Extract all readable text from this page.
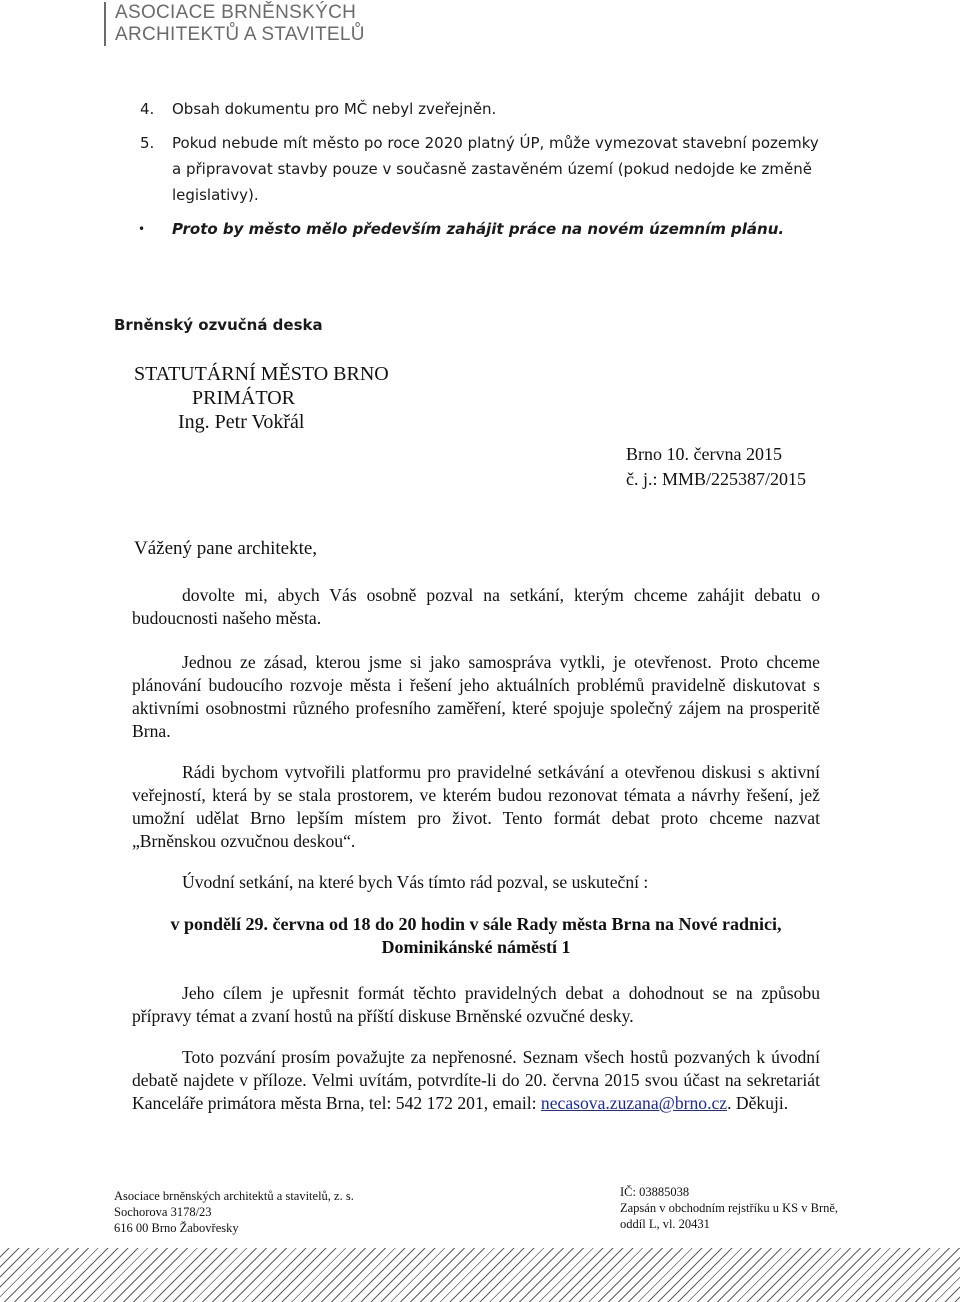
ASOCIACE BRNĚNSKÝCH
ARCHITEKTŮ A STAVITELŮ
4.	Obsah dokumentu pro MČ nebyl zveřejněn.
5.	Pokud nebude mít město po roce 2020 platný ÚP, může vymezovat stavební pozemky a připravovat stavby pouze v současně zastavěném území (pokud nedojde ke změně legislativy).
•	Proto by město mělo především zahájit práce na novém územním plánu.
Brněnský ozvučná deska
STATUTÁRNÍ MĚSTO BRNO
PRIMÁTOR
Ing. Petr Vokřál
Brno 10. června 2015
č. j.: MMB/225387/2015
Vážený pane architekte,
dovolte mi, abych Vás osobně pozval na setkání, kterým chceme zahájit debatu o budoucnosti našeho města.
Jednou ze zásad, kterou jsme si jako samospráva vytkli, je otevřenost. Proto chceme plánování budoucího rozvoje města i řešení jeho aktuálních problémů pravidelně diskutovat s aktivními osobnostmi různého profesního zaměření, které spojuje společný zájem na prosperitě Brna.
Rádi bychom vytvořili platformu pro pravidelné setkávání a otevřenou diskusi s aktivní veřejností, která by se stala prostorem, ve kterém budou rezonovat témata a návrhy řešení, jež umožní udělat Brno lepším místem pro život. Tento formát debat proto chceme nazvat „Brněnskou ozvučnou deskou“.
Úvodní setkání, na které bych Vás tímto rád pozval, se uskuteční :
v pondělí 29. června od 18 do 20 hodin v sále Rady města Brna na Nové radnici,
Dominikánské náměstí 1
Jeho cílem je upřesnit formát těchto pravidelných debat a dohodnout se na způsobu přípravy témat a zvaní hostů na příští diskuse Brněnské ozvučné desky.
Toto pozvání prosím považujte za nepřenosné. Seznam všech hostů pozvaných k úvodní debatě najdete v příloze. Velmi uvítám, potvrdíte-li do 20. června 2015 svou účast na sekretariát Kanceláře primátora města Brna, tel: 542 172 201, email: necasova.zuzana@brno.cz. Děkuji.
Asociace brněnských architektů a stavitelů, z. s.
Sochorova 3178/23
616 00 Brno Žabovřesky
IČ: 03885038
Zapsán v obchodním rejstříku u KS v Brně,
oddíl L, vl. 20431
